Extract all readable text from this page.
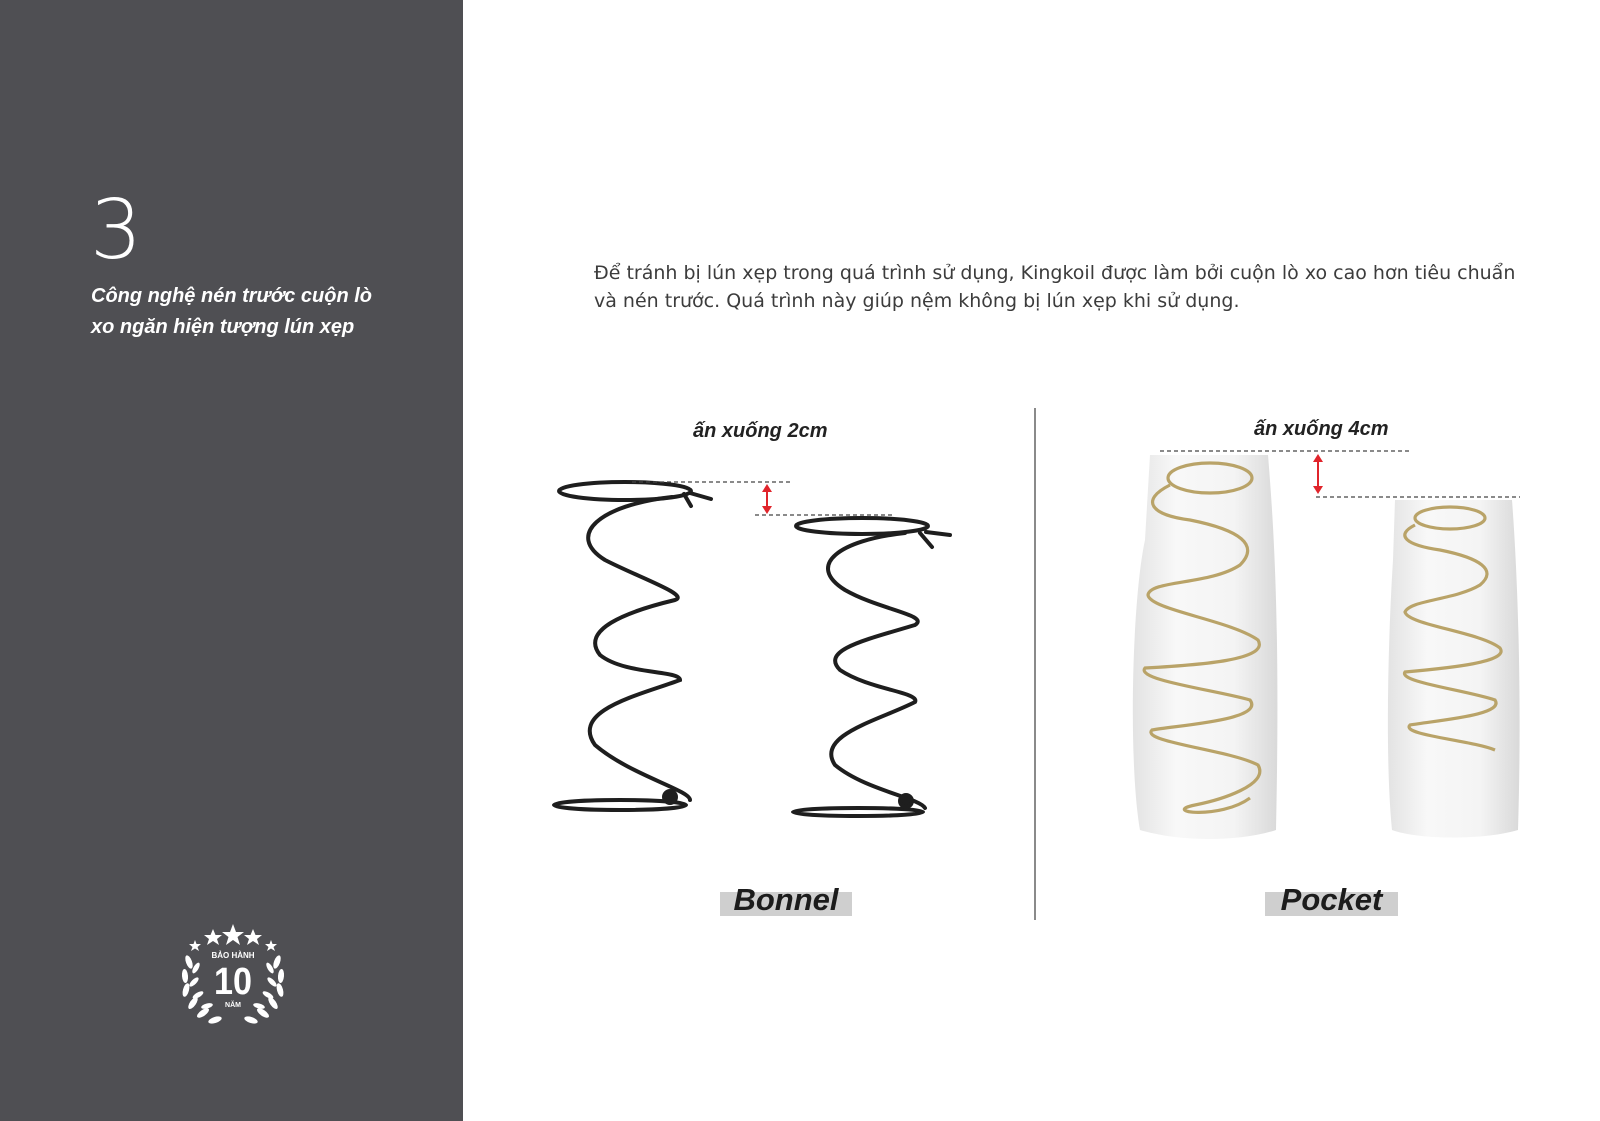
3
Công nghệ nén trước cuộn lò xo ngăn hiện tượng lún xẹp
BẢO HÀNH
10
NĂM

Để tránh bị lún xẹp trong quá trình sử dụng, Kingkoil được làm bởi cuộn lò xo cao hơn tiêu chuẩn và nén trước. Quá trình này giúp nệm không bị lún xẹp khi sử dụng.

ấn xuống 2cm	ấn xuống 4cm
Bonnel	Pocket
